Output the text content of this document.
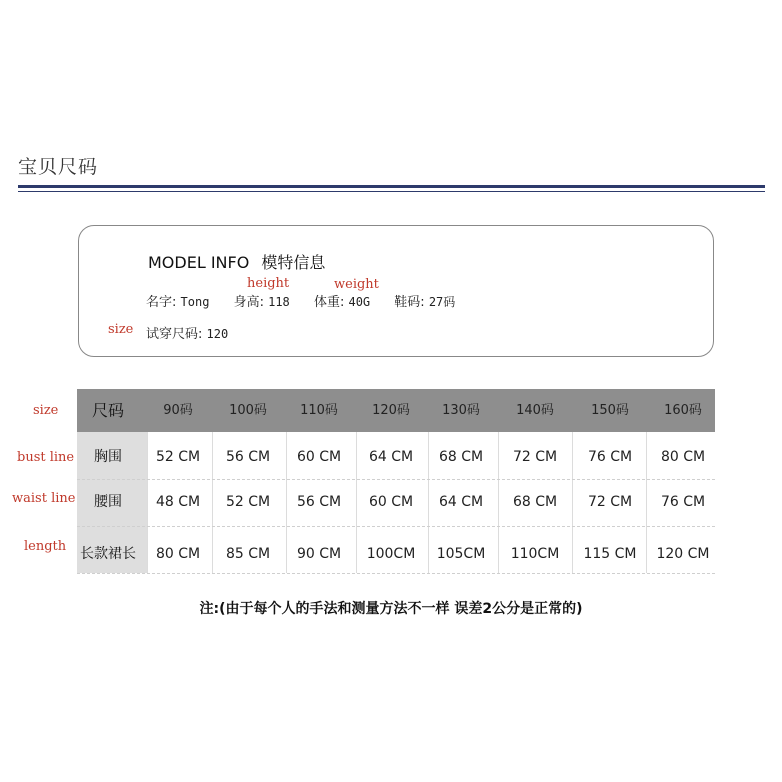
宝贝尺码
MODEL INFO 模特信息
height	weight
名字: Tong 身高: 118 体重: 40G 鞋码: 27码
size 试穿尺码: 120
size
bust line
waist line
length
尺码	90码	100码	110码	120码	130码	140码	150码	160码
胸围	52 CM	56 CM	60 CM	64 CM	68 CM	72 CM	76 CM	80 CM
腰围	48 CM	52 CM	56 CM	60 CM	64 CM	68 CM	72 CM	76 CM
长款裙长	80 CM	85 CM	90 CM	100CM	105CM	110CM	115 CM	120 CM
注:(由于每个人的手法和测量方法不一样 误差2公分是正常的)
